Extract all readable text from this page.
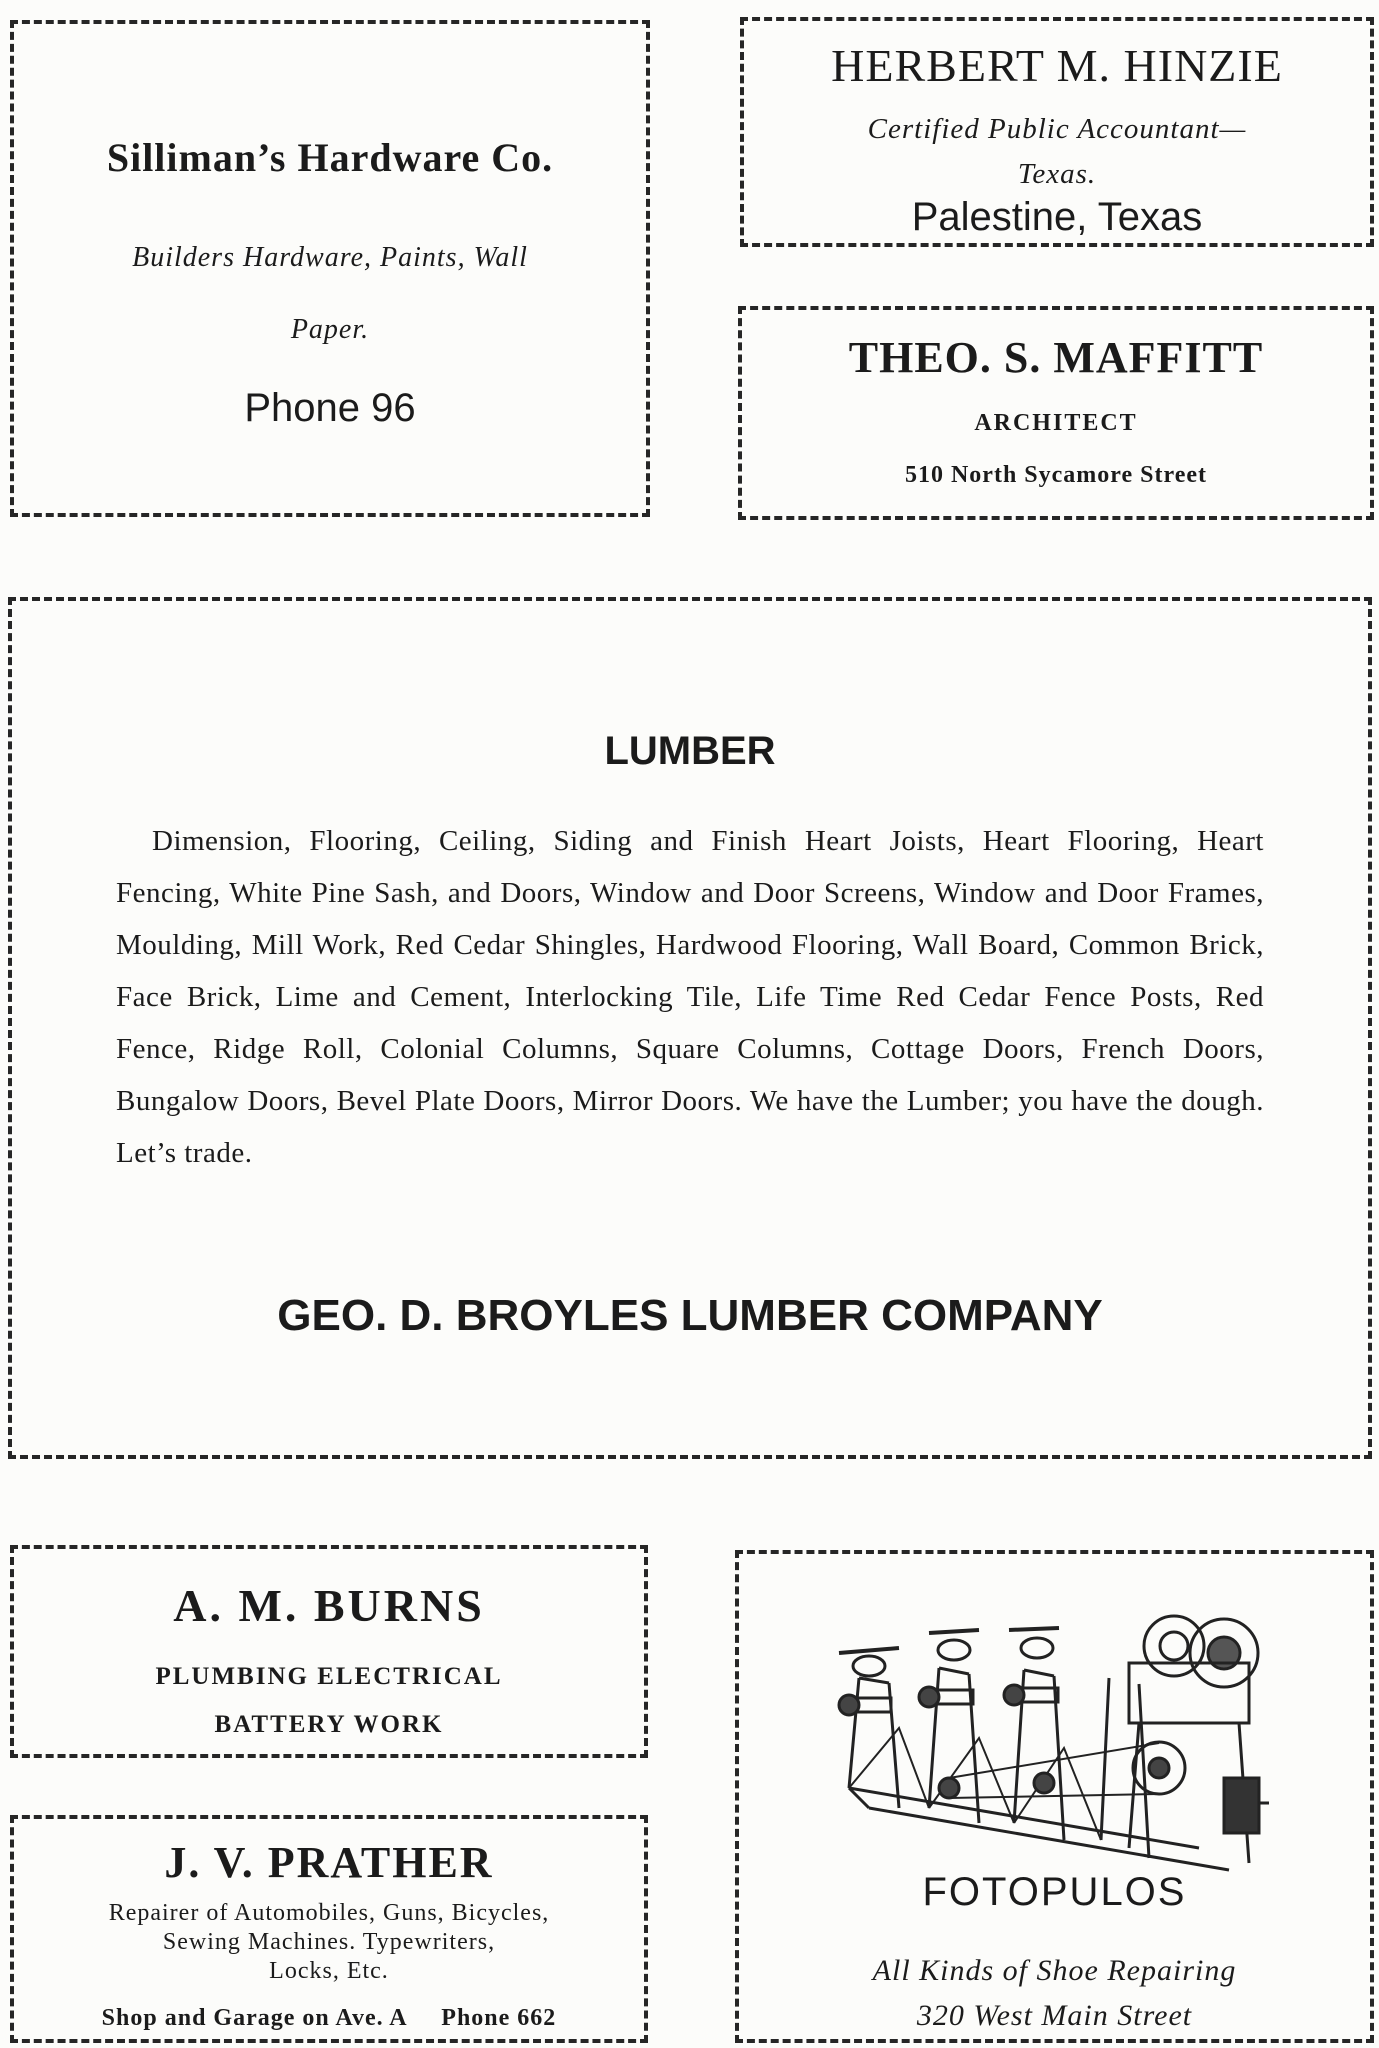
Silliman’s Hardware Co.
Builders Hardware, Paints, Wall
Paper.
Phone 96
HERBERT M. HINZIE
Certified Public Accountant—
Texas.
Palestine, Texas
THEO. S. MAFFITT
ARCHITECT
510 North Sycamore Street
LUMBER
Dimension, Flooring, Ceiling, Siding and Finish Heart Joists, Heart Flooring, Heart Fencing, White Pine Sash, and Doors, Window and Door Screens, Window and Door Frames, Moulding, Mill Work, Red Cedar Shingles, Hardwood Flooring, Wall Board, Common Brick, Face Brick, Lime and Cement, Interlocking Tile, Life Time Red Cedar Fence Posts, Red Fence, Ridge Roll, Colonial Columns, Square Columns, Cottage Doors, French Doors, Bungalow Doors, Bevel Plate Doors, Mirror Doors. We have the Lumber; you have the dough. Let’s trade.
GEO. D. BROYLES LUMBER COMPANY
A. M. BURNS
PLUMBING ELECTRICAL
BATTERY WORK
J. V. PRATHER
Repairer of Automobiles, Guns, Bicycles,
Sewing Machines. Typewriters,
Locks, Etc.
Shop and Garage on Ave. A     Phone 662
FOTOPULOS
All Kinds of Shoe Repairing
320 West Main Street
